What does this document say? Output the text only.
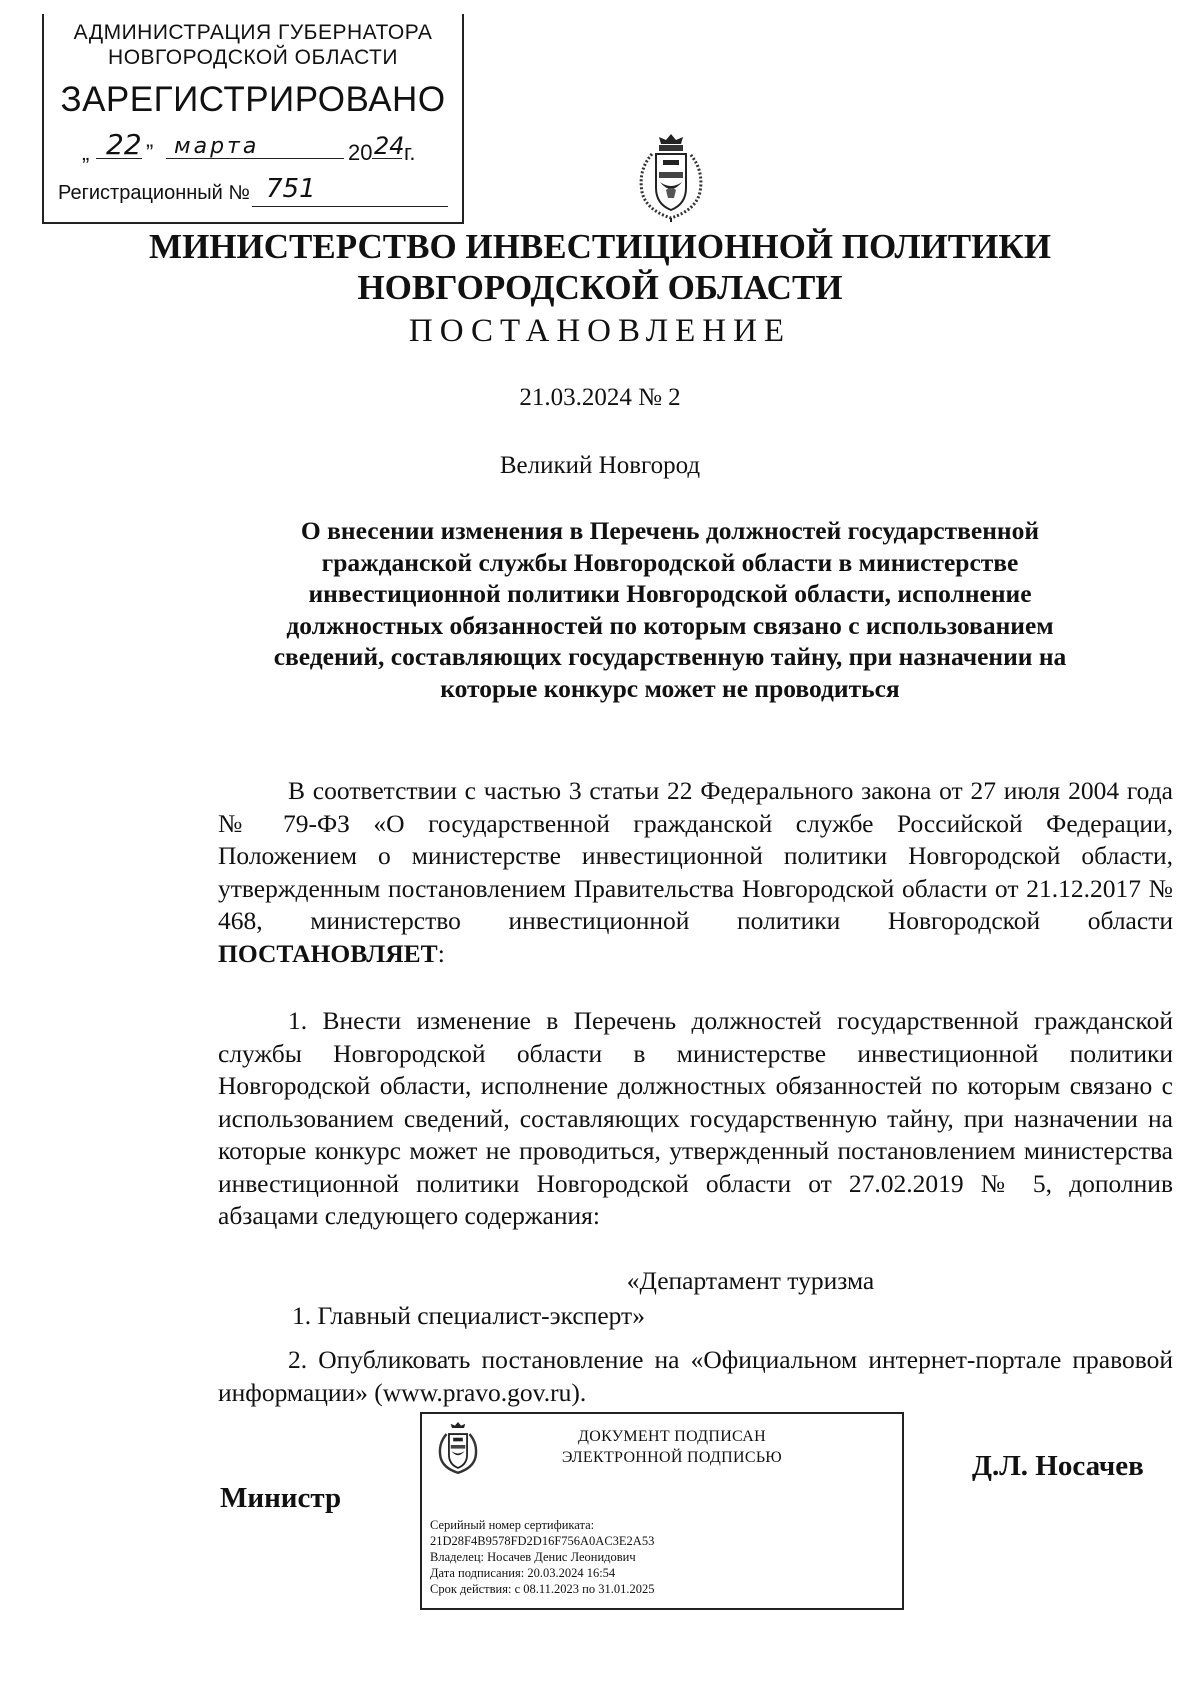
АДМИНИСТРАЦИЯ ГУБЕРНАТОРА
НОВГОРОДСКОЙ ОБЛАСТИ
ЗАРЕГИСТРИРОВАНО
„ 22 ” марта	20 24 г.
Регистрационный № 751
МИНИСТЕРСТВО ИНВЕСТИЦИОННОЙ ПОЛИТИКИ
НОВГОРОДСКОЙ ОБЛАСТИ
ПОСТАНОВЛЕНИЕ
21.03.2024 № 2
Великий Новгород
О внесении изменения в Перечень должностей государственной
гражданской службы Новгородской области в министерстве
инвестиционной политики Новгородской области, исполнение
должностных обязанностей по которым связано с использованием
сведений, составляющих государственную тайну, при назначении на
которые конкурс может не проводиться
В соответствии с частью 3 статьи 22 Федерального закона от 27 июля 2004 года № 79-ФЗ «О государственной гражданской службе Российской Федерации, Положением о министерстве инвестиционной политики Новгородской области, утвержденным постановлением Правительства Новгородской области от 21.12.2017 № 468, министерство инвестиционной политики Новгородской области ПОСТАНОВЛЯЕТ:
1. Внести изменение в Перечень должностей государственной гражданской службы Новгородской области в министерстве инвестиционной политики Новгородской области, исполнение должностных обязанностей по которым связано с использованием сведений, составляющих государственную тайну, при назначении на которые конкурс может не проводиться, утвержденный постановлением министерства инвестиционной политики Новгородской области от 27.02.2019 № 5, дополнив абзацами следующего содержания:
«Департамент туризма
1. Главный специалист-эксперт»
2. Опубликовать постановление на «Официальном интернет-портале правовой информации» (www.pravo.gov.ru).
Министр
ДОКУМЕНТ ПОДПИСАН
ЭЛЕКТРОННОЙ ПОДПИСЬЮ
Серийный номер сертификата:
21D28F4B9578FD2D16F756A0AC3E2A53
Владелец: Носачев Денис Леонидович
Дата подписания: 20.03.2024 16:54
Срок действия: с 08.11.2023 по 31.01.2025
Д.Л. Носачев
